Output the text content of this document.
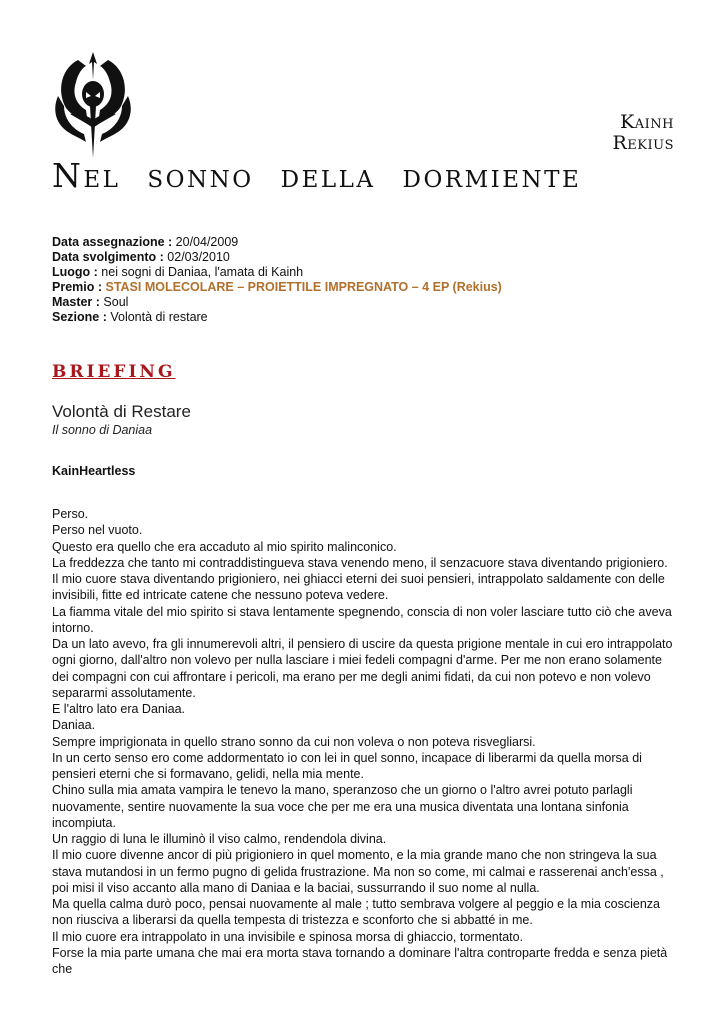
Kainh
Rekius
Nel sonno della dormiente
Data assegnazione : 20/04/2009
Data svolgimento : 02/03/2010
Luogo : nei sogni di Daniaa, l'amata di Kainh
Premio : STASI MOLECOLARE – PROIETTILE IMPREGNATO – 4 EP (Rekius)
Master : Soul
Sezione : Volontà di restare
BRIEFING
Volontà di Restare
Il sonno di Daniaa
KainHeartless

Perso.

Perso nel vuoto.

Questo era quello che era accaduto al mio spirito malinconico.

La freddezza che tanto mi contraddistingueva stava venendo meno, il senzacuore stava diventando prigioniero.

Il mio cuore stava diventando prigioniero, nei ghiacci eterni dei suoi pensieri, intrappolato saldamente con delle invisibili, fitte ed intricate catene che nessuno poteva vedere.

La fiamma vitale del mio spirito si stava lentamente spegnendo, conscia di non voler lasciare tutto ciò che aveva intorno.

Da un lato avevo, fra gli innumerevoli altri, il pensiero di uscire da questa prigione mentale in cui ero intrappolato ogni giorno, dall'altro non volevo per nulla lasciare i miei fedeli compagni d'arme. Per me non erano solamente dei compagni con cui affrontare i pericoli, ma erano per me degli animi fidati, da cui non potevo e non volevo separarmi assolutamente.

E l'altro lato era Daniaa.

Daniaa.

Sempre imprigionata in quello strano sonno da cui non voleva o non poteva risvegliarsi.

In un certo senso ero come addormentato io con lei in quel sonno, incapace di liberarmi da quella morsa di pensieri eterni che si formavano, gelidi, nella mia mente.

Chino sulla mia amata vampira le tenevo la mano, speranzoso che un giorno o l'altro avrei potuto parlagli nuovamente, sentire nuovamente la sua voce che per me era una musica diventata una lontana sinfonia incompiuta.

Un raggio di luna le illuminò il viso calmo, rendendola divina.

Il mio cuore divenne ancor di più prigioniero in quel momento, e la mia grande mano che non stringeva la sua stava mutandosi in un fermo pugno di gelida frustrazione. Ma non so come, mi calmai e rasserenai anch'essa , poi misi il viso accanto alla mano di Daniaa e la baciai, sussurrando il suo nome al nulla.

Ma quella calma durò poco, pensai nuovamente al male ; tutto sembrava volgere al peggio e la mia coscienza non riusciva a liberarsi da quella tempesta di tristezza e sconforto che si abbatté in me.

Il mio cuore era intrappolato in una invisibile e spinosa morsa di ghiaccio, tormentato.

Forse la mia parte umana che mai era morta stava tornando a dominare l'altra controparte fredda e senza pietà che
